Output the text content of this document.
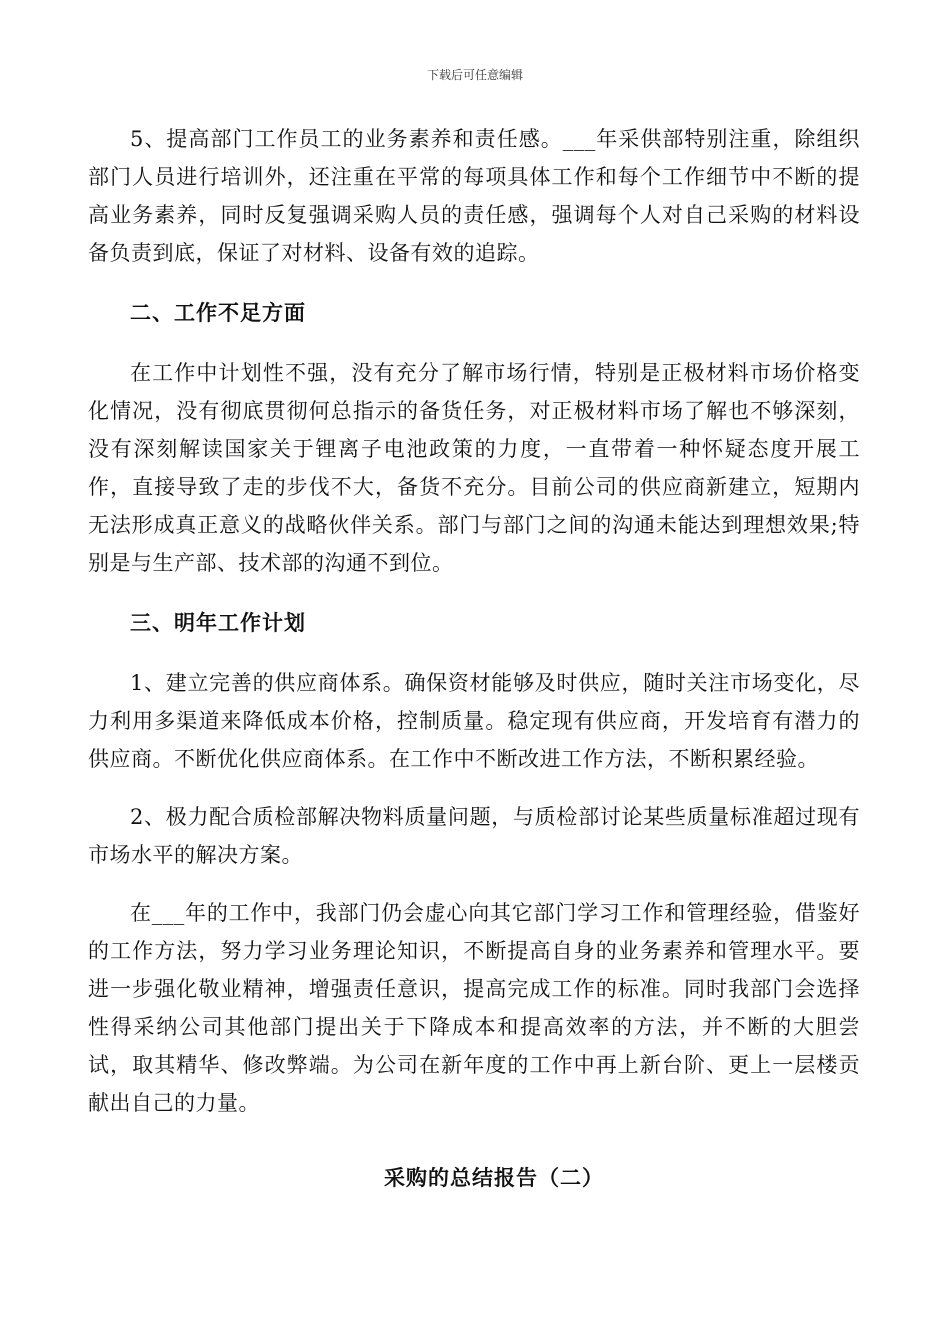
下载后可任意编辑

5、提高部门工作员工的业务素养和责任感。___年采供部特别注重，除组织部门人员进行培训外，还注重在平常的每项具体工作和每个工作细节中不断的提高业务素养，同时反复强调采购人员的责任感，强调每个人对自己采购的材料设备负责到底，保证了对材料、设备有效的追踪。

二、工作不足方面

在工作中计划性不强，没有充分了解市场行情，特别是正极材料市场价格变化情况，没有彻底贯彻何总指示的备货任务，对正极材料市场了解也不够深刻，没有深刻解读国家关于锂离子电池政策的力度，一直带着一种怀疑态度开展工作，直接导致了走的步伐不大，备货不充分。目前公司的供应商新建立，短期内无法形成真正意义的战略伙伴关系。部门与部门之间的沟通未能达到理想效果;特别是与生产部、技术部的沟通不到位。

三、明年工作计划

1、建立完善的供应商体系。确保资材能够及时供应，随时关注市场变化，尽力利用多渠道来降低成本价格，控制质量。稳定现有供应商，开发培育有潜力的供应商。不断优化供应商体系。在工作中不断改进工作方法，不断积累经验。

2、极力配合质检部解决物料质量问题，与质检部讨论某些质量标准超过现有市场水平的解决方案。

在___年的工作中，我部门仍会虚心向其它部门学习工作和管理经验，借鉴好的工作方法，努力学习业务理论知识，不断提高自身的业务素养和管理水平。要进一步强化敬业精神，增强责任意识，提高完成工作的标准。同时我部门会选择性得采纳公司其他部门提出关于下降成本和提高效率的方法，并不断的大胆尝试，取其精华、修改弊端。为公司在新年度的工作中再上新台阶、更上一层楼贡献出自己的力量。

采购的总结报告（二）
